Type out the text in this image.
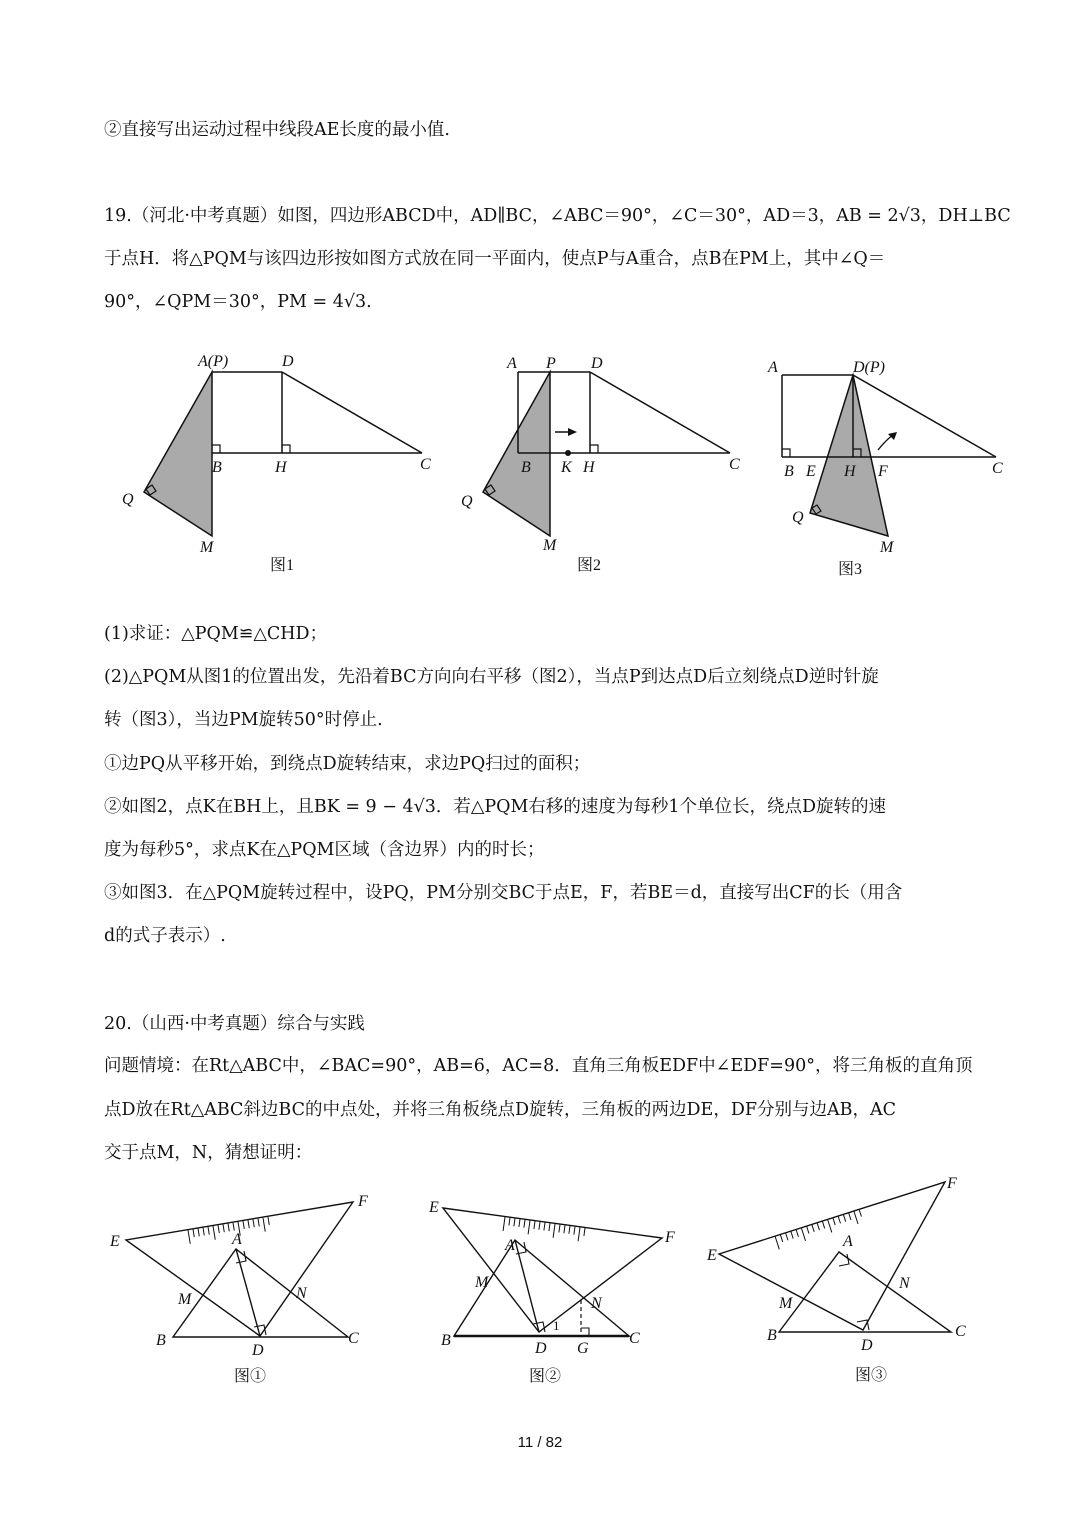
②直接写出运动过程中线段AE长度的最小值.
19.（河北·中考真题）如图，四边形ABCD中，AD∥BC，∠ABC＝90°，∠C＝30°，AD＝3，AB = 2√3，DH⊥BC
于点H．将△PQM与该四边形按如图方式放在同一平面内，使点P与A重合，点B在PM上，其中∠Q＝
90°，∠QPM＝30°，PM = 4√3.
A(P)	D
B	H	C
Q
M
图1
A P D
B K H	C
Q
M
图2
A	D(P)
B E H F	C
Q
M
图3
(1)求证：△PQM≌△CHD；
(2)△PQM从图1的位置出发，先沿着BC方向向右平移（图2），当点P到达点D后立刻绕点D逆时针旋
转（图3），当边PM旋转50°时停止.
①边PQ从平移开始，到绕点D旋转结束，求边PQ扫过的面积；
②如图2，点K在BH上，且BK = 9 − 4√3．若△PQM右移的速度为每秒1个单位长，绕点D旋转的速
度为每秒5°，求点K在△PQM区域（含边界）内的时长；
③如图3．在△PQM旋转过程中，设PQ，PM分别交BC于点E，F，若BE＝d，直接写出CF的长（用含
d的式子表示）.
20.（山西·中考真题）综合与实践
问题情境：在Rt△ABC中，∠BAC=90°，AB=6，AC=8．直角三角板EDF中∠EDF=90°，将三角板的直角顶
点D放在Rt△ABC斜边BC的中点处，并将三角板绕点D旋转，三角板的两边DE，DF分别与边AB，AC
交于点M，N，猜想证明：
E
F
A
M	N
B
D
C
图①
E
F
A
M
N
B	D G
C
1
图②
E
F
A
M
N
B
D
C
图③
11 / 82
